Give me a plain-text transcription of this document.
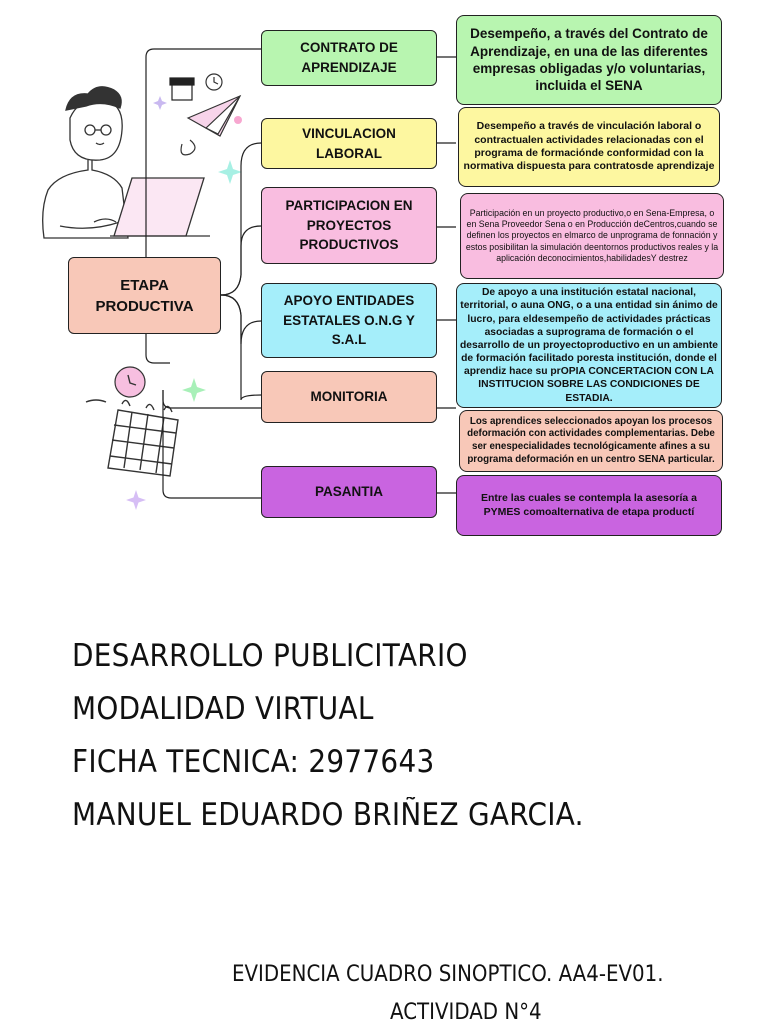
ETAPA PRODUCTIVA
CONTRATO DE APRENDIZAJE
VINCULACION LABORAL
PARTICIPACION EN PROYECTOS PRODUCTIVOS
APOYO ENTIDADES ESTATALES O.N.G Y S.A.L
MONITORIA
PASANTIA
Desempeño, a través del Contrato de Aprendizaje, en una de las diferentes empresas obligadas y/o voluntarias, incluida el SENA
Desempeño a través de vinculación laboral o contractualen actividades relacionadas con el programa de formaciónde conformidad con la normativa dispuesta para contratosde aprendizaje
Participación en un proyecto productivo,o en Sena-Empresa, o en Sena Proveedor Sena o en Producción deCentros,cuando se definen los proyectos en elmarco de unprograma de fonnación y estos posibilitan la simulación deentornos productivos reales y la aplicación deconocimientos,habilidadesY destrez
De apoyo a una institución estatal nacional, territorial, o auna ONG, o a una entidad sin ánimo de lucro, para eldesempeño de actividades prácticas asociadas a suprograma de formación o el desarrollo de un proyectoproductivo en un ambiente de formación facilitado poresta institución, donde el aprendiz hace su prOPIA CONCERTACION CON LA INSTITUCION SOBRE LAS CONDICIONES DE ESTADIA.
Los aprendices seleccionados apoyan los procesos deformación con actividades complementarias. Debe ser enespecialidades tecnológicamente afines a su programa deformación en un centro SENA particular.
Entre las cuales se contempla la asesoría a PYMES comoalternativa de etapa productí
DESARROLLO PUBLICITARIO
MODALIDAD VIRTUAL
FICHA TECNICA: 2977643
MANUEL EDUARDO BRIÑEZ GARCIA.
EVIDENCIA CUADRO SINOPTICO. AA4-EV01.
ACTIVIDAD N°4
